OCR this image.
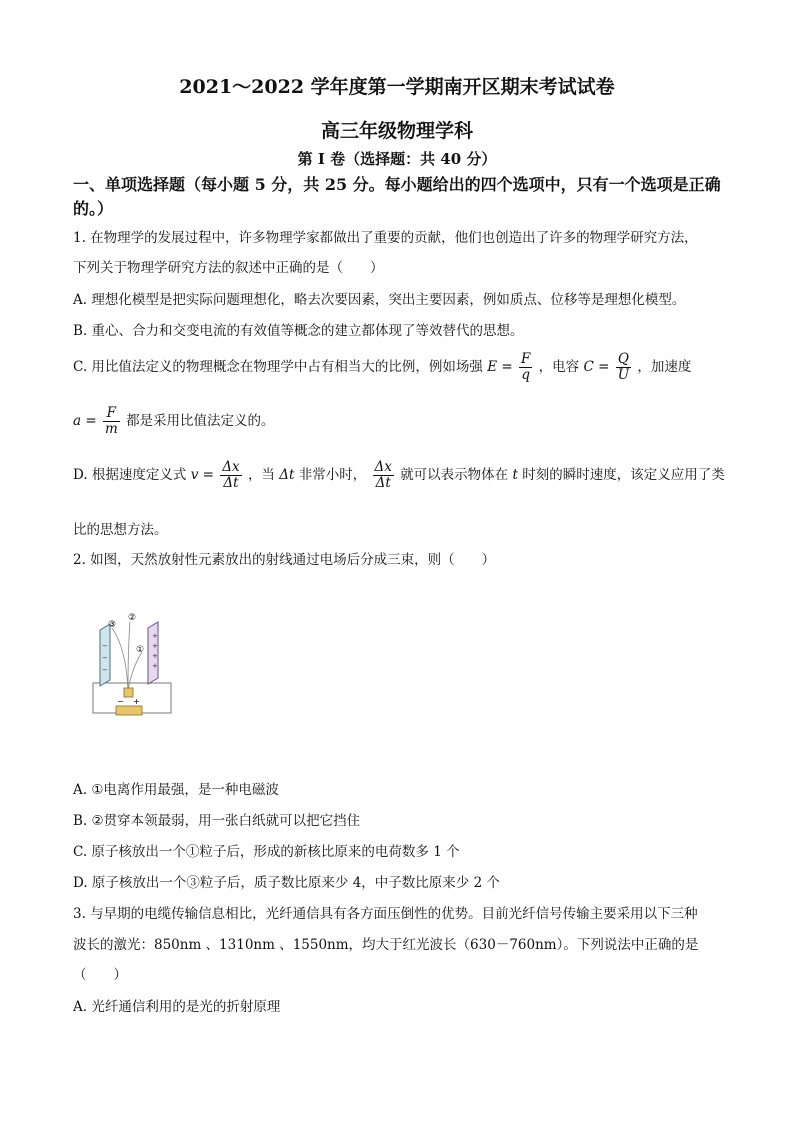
2021～2022 学年度第一学期南开区期末考试试卷
高三年级物理学科
第 I 卷（选择题：共 40 分）
一、单项选择题（每小题 5 分，共 25 分。每小题给出的四个选项中，只有一个选项是正确
的。）
1. 在物理学的发展过程中，许多物理学家都做出了重要的贡献，他们也创造出了许多的物理学研究方法，
下列关于物理学研究方法的叙述中正确的是（　　）
A. 理想化模型是把实际问题理想化，略去次要因素，突出主要因素，例如质点、位移等是理想化模型。
B. 重心、合力和交变电流的有效值等概念的建立都体现了等效替代的思想。
C. 用比值法定义的物理概念在物理学中占有相当大的比例，例如场强 $E = \frac{F}{q}$ ，电容 $C = \frac{Q}{U}$ ，加速度
$a = \frac{F}{m}$ 都是采用比值法定义的。
D. 根据速度定义式 $v = \frac{\Delta x}{\Delta t}$ ，当 Δt 非常小时， $\frac{\Delta x}{\Delta t}$ 就可以表示物体在 t 时刻的瞬时速度，该定义应用了类
比的思想方法。
2. 如图，天然放射性元素放出的射线通过电场后分成三束，则（　　）
+
+
+
+
−
−
−
③
②
①
− +
A. ①电离作用最强，是一种电磁波
B. ②贯穿本领最弱，用一张白纸就可以把它挡住
C. 原子核放出一个①粒子后，形成的新核比原来的电荷数多 1 个
D. 原子核放出一个③粒子后，质子数比原来少 4，中子数比原来少 2 个
3. 与早期的电缆传输信息相比，光纤通信具有各方面压倒性的优势。目前光纤信号传输主要采用以下三种
波长的激光：850nm 、1310nm 、1550nm，均大于红光波长（630－760nm）。下列说法中正确的是
（　　）
A. 光纤通信利用的是光的折射原理
